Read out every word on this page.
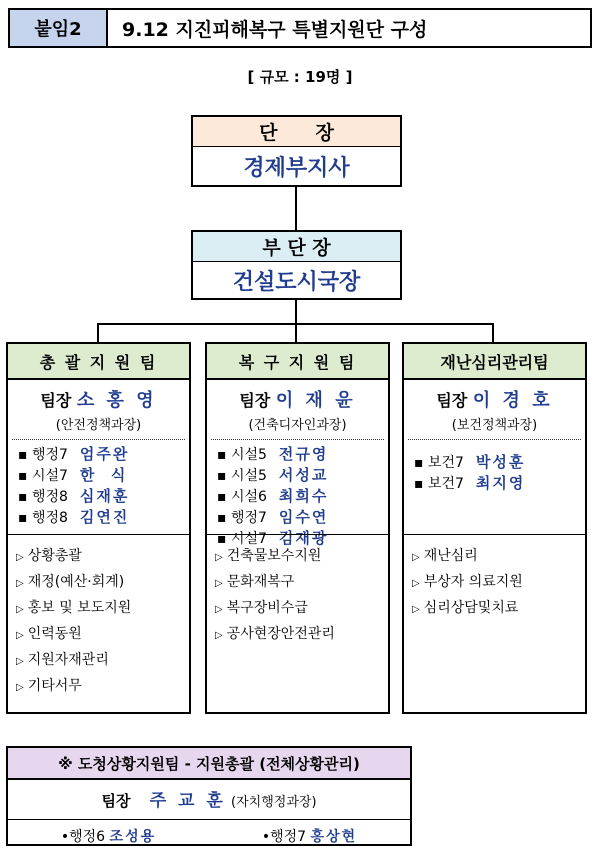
붙임2	9.12 지진피해복구 특별지원단 구성
[ 규모 : 19명 ]
단　　장
경제부지사
부 단 장
건설도시국장
총 괄 지 원 팀
팀장 소 홍 영
(안전정책과장)
▪ 행정7 엄주완
▪ 시설7 한  식
▪ 행정8 심재훈
▪ 행정8 김연진
▷ 상황총괄
▷ 재정(예산·회계)
▷ 홍보 및 보도지원
▷ 인력동원
▷ 지원자재관리
▷ 기타서무
복 구 지 원 팀
팀장 이 재 윤
(건축디자인과장)
▪ 시설5 전규영
▪ 시설5 서성교
▪ 시설6 최희수
▪ 행정7 임수연
▪ 시설7 김재광
▷ 건축물보수지원
▷ 문화재복구
▷ 복구장비수급
▷ 공사현장안전관리
재난심리관리팀
팀장 이 경 호
(보건정책과장)
▪ 보건7 박성훈
▪ 보건7 최지영
▷ 재난심리
▷ 부상자 의료지원
▷ 심리상담및치료
※ 도청상황지원팀 - 지원총괄 (전체상황관리)
팀장 주 교 훈 (자치행정과장)
•행정6 조성용	•행정7 홍상현
